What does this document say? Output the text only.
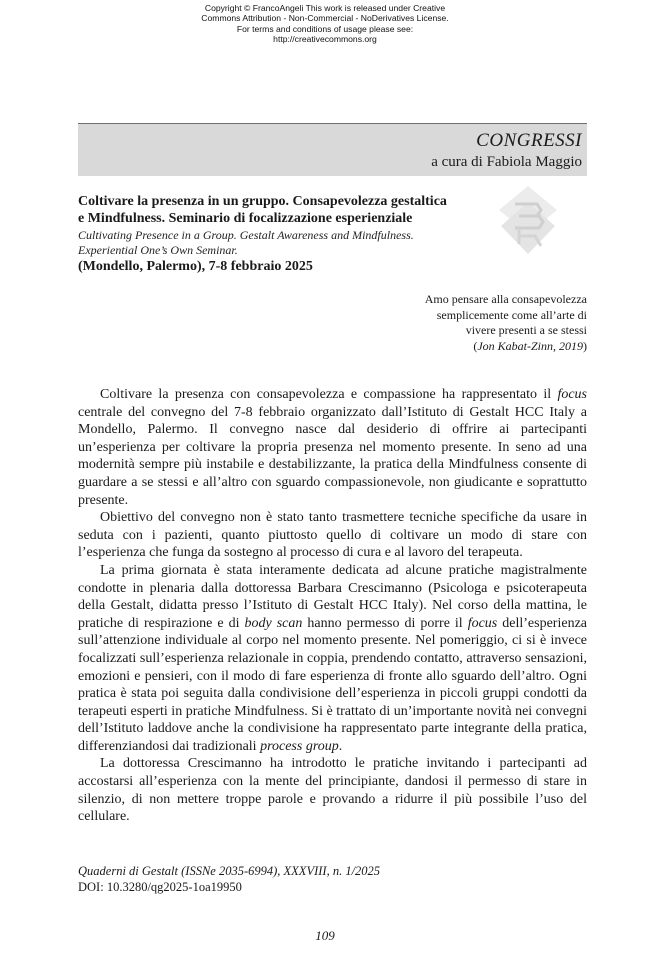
Copyright © FrancoAngeli This work is released under Creative
Commons Attribution - Non-Commercial - NoDerivatives License.
For terms and conditions of usage please see:
http://creativecommons.org
CONGRESSI
a cura di Fabiola Maggio

Coltivare la presenza in un gruppo. Consapevolezza gestaltica
e Mindfulness. Seminario di focalizzazione esperienziale

Cultivating Presence in a Group. Gestalt Awareness and Mindfulness.
Experiential One’s Own Seminar.

(Mondello, Palermo), 7-8 febbraio 2025

Amo pensare alla consapevolezza
semplicemente come all’arte di
vivere presenti a se stessi
(Jon Kabat-Zinn, 2019)

Coltivare la presenza con consapevolezza e compassione ha rappresentato il focus centrale del convegno del 7-8 febbraio organizzato dall’Istituto di Gestalt HCC Italy a Mondello, Palermo. Il convegno nasce dal desiderio di offrire ai partecipanti un’esperienza per coltivare la propria presenza nel momento presente. In seno ad una modernità sempre più instabile e destabilizzante, la pratica della Mindfulness consente di guardare a se stessi e all’altro con sguardo compassionevole, non giudicante e soprattutto presente.

Obiettivo del convegno non è stato tanto trasmettere tecniche specifiche da usare in seduta con i pazienti, quanto piuttosto quello di coltivare un modo di stare con l’esperienza che funga da sostegno al processo di cura e al lavoro del terapeuta.

La prima giornata è stata interamente dedicata ad alcune pratiche magistralmente condotte in plenaria dalla dottoressa Barbara Crescimanno (Psicologa e psicoterapeuta della Gestalt, didatta presso l’Istituto di Gestalt HCC Italy). Nel corso della mattina, le pratiche di respirazione e di body scan hanno permesso di porre il focus dell’esperienza sull’attenzione individuale al corpo nel momento presente. Nel pomeriggio, ci si è invece focalizzati sull’esperienza relazionale in coppia, prendendo contatto, attraverso sensazioni, emozioni e pensieri, con il modo di fare esperienza di fronte allo sguardo dell’altro. Ogni pratica è stata poi seguita dalla condivisione dell’esperienza in piccoli gruppi condotti da terapeuti esperti in pratiche Mindfulness. Si è trattato di un’importante novità nei convegni dell’Istituto laddove anche la condivisione ha rappresentato parte integrante della pratica, differenziandosi dai tradizionali process group.

La dottoressa Crescimanno ha introdotto le pratiche invitando i partecipanti ad accostarsi all’esperienza con la mente del principiante, dandosi il permesso di stare in silenzio, di non mettere troppe parole e provando a ridurre il più possibile l’uso del cellulare.

Quaderni di Gestalt (ISSNe 2035-6994), XXXVIII, n. 1/2025
DOI: 10.3280/qg2025-1oa19950
109
